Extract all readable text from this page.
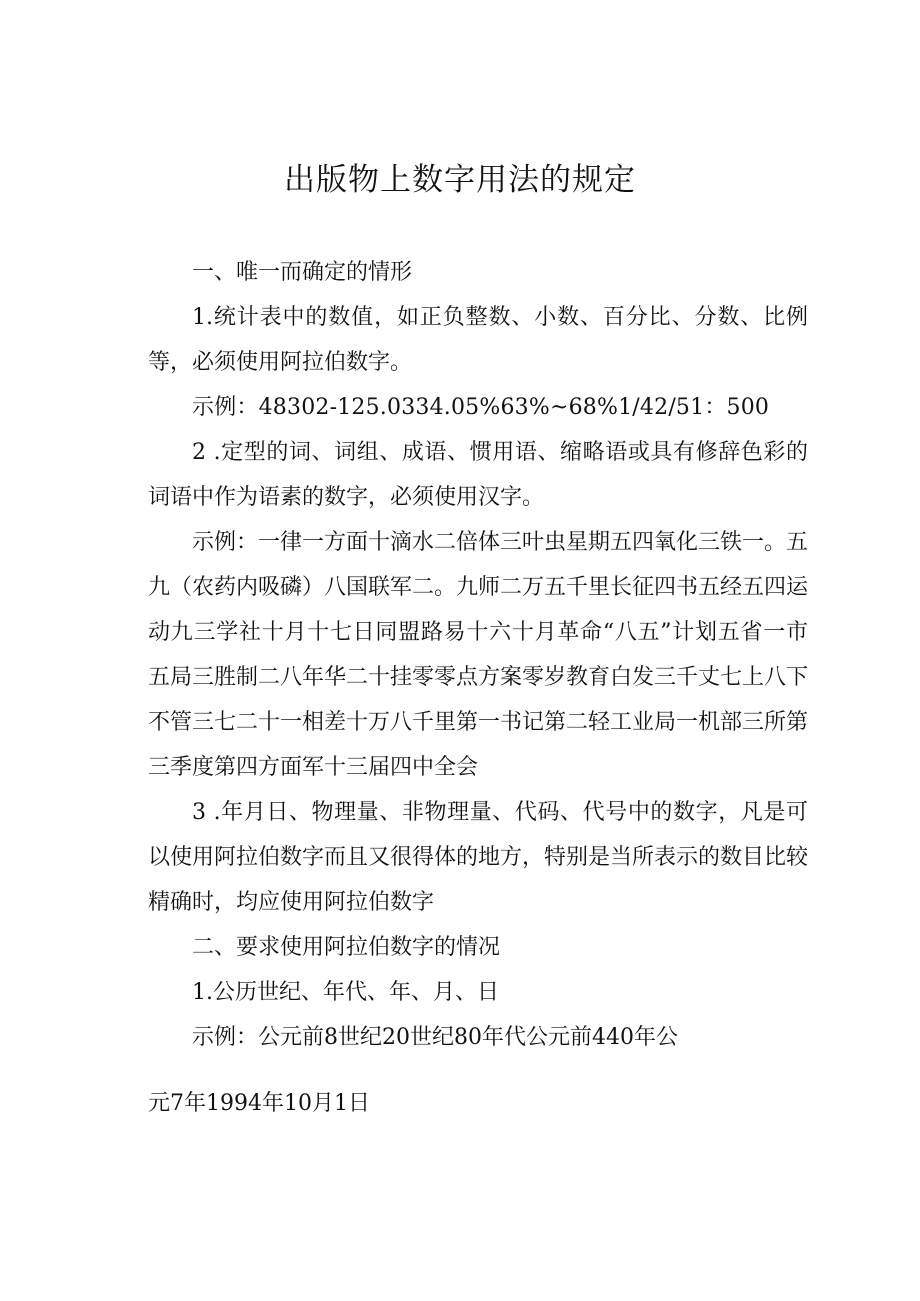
出版物上数字用法的规定

一、唯一而确定的情形

1.统计表中的数值，如正负整数、小数、百分比、分数、比例等，必须使用阿拉伯数字。

示例：48302-125.0334.05%63%~68%1/42/51：500

2 .定型的词、词组、成语、惯用语、缩略语或具有修辞色彩的词语中作为语素的数字，必须使用汉字。

示例：一律一方面十滴水二倍体三叶虫星期五四氧化三铁一。五九（农药内吸磷）八国联军二。九师二万五千里长征四书五经五四运动九三学社十月十七日同盟路易十六十月革命“八五”计划五省一市五局三胜制二八年华二十挂零零点方案零岁教育白发三千丈七上八下不管三七二十一相差十万八千里第一书记第二轻工业局一机部三所第三季度第四方面军十三届四中全会

3 .年月日、物理量、非物理量、代码、代号中的数字，凡是可以使用阿拉伯数字而且又很得体的地方，特别是当所表示的数目比较精确时，均应使用阿拉伯数字

二、要求使用阿拉伯数字的情况

1.公历世纪、年代、年、月、日

示例：公元前8世纪20世纪80年代公元前440年公

元7年1994年10月1日
